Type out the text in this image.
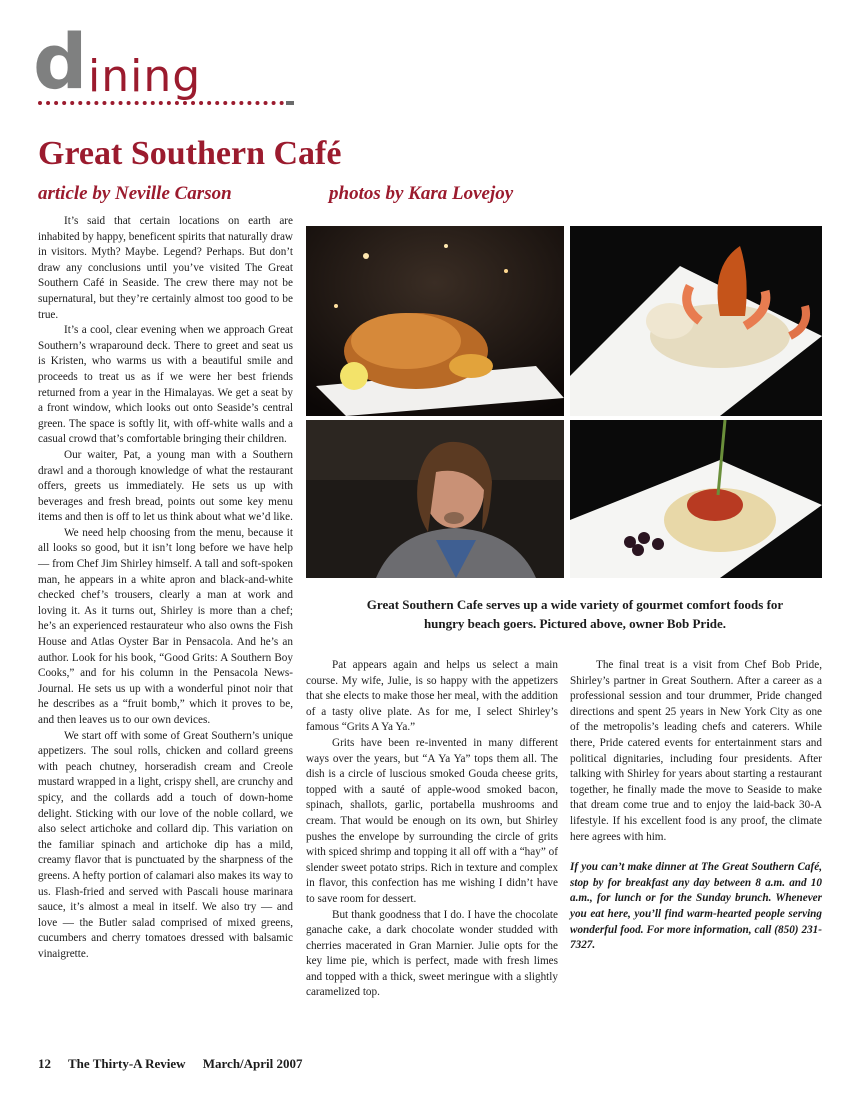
d ining
Great Southern Café
article by Neville Carson	photos by Kara Lovejoy

It’s said that certain locations on earth are inhabited by happy, beneficent spirits that naturally draw in visitors. Myth? Maybe. Legend? Perhaps. But don’t draw any conclusions until you’ve visited The Great Southern Café in Seaside. The crew there may not be supernatural, but they’re certainly almost too good to be true.

It’s a cool, clear evening when we approach Great Southern’s wraparound deck. There to greet and seat us is Kristen, who warms us with a beautiful smile and proceeds to treat us as if we were her best friends returned from a year in the Himalayas. We get a seat by a front window, which looks out onto Seaside’s central green. The space is softly lit, with off-white walls and a casual crowd that’s comfortable bringing their children.

Our waiter, Pat, a young man with a Southern drawl and a thorough knowledge of what the restaurant offers, greets us immediately. He sets us up with beverages and fresh bread, points out some key menu items and then is off to let us think about what we’d like.

We need help choosing from the menu, because it all looks so good, but it isn’t long before we have help — from Chef Jim Shirley himself. A tall and soft-spoken man, he appears in a white apron and black-and-white checked chef’s trousers, clearly a man at work and loving it. As it turns out, Shirley is more than a chef; he’s an experienced restaurateur who also owns the Fish House and Atlas Oyster Bar in Pensacola. And he’s an author. Look for his book, “Good Grits: A Southern Boy Cooks,” and for his column in the Pensacola News-Journal. He sets us up with a wonderful pinot noir that he describes as a “fruit bomb,” which it proves to be, and then leaves us to our own devices.

We start off with some of Great Southern’s unique appetizers. The soul rolls, chicken and collard greens with peach chutney, horseradish cream and Creole mustard wrapped in a light, crispy shell, are crunchy and spicy, and the collards add a touch of down-home delight. Sticking with our love of the noble collard, we also select artichoke and collard dip. This variation on the familiar spinach and artichoke dip has a mild, creamy flavor that is punctuated by the sharpness of the greens. A hefty portion of calamari also makes its way to us. Flash-fried and served with Pascali house marinara sauce, it’s almost a meal in itself. We also try — and love — the Butler salad comprised of mixed greens, cucumbers and cherry tomatoes dressed with balsamic vinaigrette.

Great Southern Cafe serves up a wide variety of gourmet comfort foods for
hungry beach goers. Pictured above, owner Bob Pride.

Pat appears again and helps us select a main course. My wife, Julie, is so happy with the appetizers that she elects to make those her meal, with the addition of a tasty olive plate. As for me, I select Shirley’s famous “Grits A Ya Ya.”

Grits have been re-invented in many different ways over the years, but “A Ya Ya” tops them all. The dish is a circle of luscious smoked Gouda cheese grits, topped with a sauté of apple-wood smoked bacon, spinach, shallots, garlic, portabella mushrooms and cream. That would be enough on its own, but Shirley pushes the envelope by surrounding the circle of grits with spiced shrimp and topping it all off with a “hay” of slender sweet potato strips. Rich in texture and complex in flavor, this confection has me wishing I didn’t have to save room for dessert.

But thank goodness that I do. I have the chocolate ganache cake, a dark chocolate wonder studded with cherries macerated in Gran Marnier. Julie opts for the key lime pie, which is perfect, made with fresh limes and topped with a thick, sweet meringue with a slightly caramelized top.

The final treat is a visit from Chef Bob Pride, Shirley’s partner in Great Southern. After a career as a professional session and tour drummer, Pride changed directions and spent 25 years in New York City as one of the metropolis’s leading chefs and caterers. While there, Pride catered events for entertainment stars and political dignitaries, including four presidents. After talking with Shirley for years about starting a restaurant together, he finally made the move to Seaside to make that dream come true and to enjoy the laid-back 30-A lifestyle. If his excellent food is any proof, the climate here agrees with him.

If you can’t make dinner at The Great Southern Café, stop by for breakfast any day between 8 a.m. and 10 a.m., for lunch or for the Sunday brunch. Whenever you eat here, you’ll find warm-hearted people serving wonderful food. For more information, call (850) 231-7327.

12 The Thirty-A Review March/April 2007
